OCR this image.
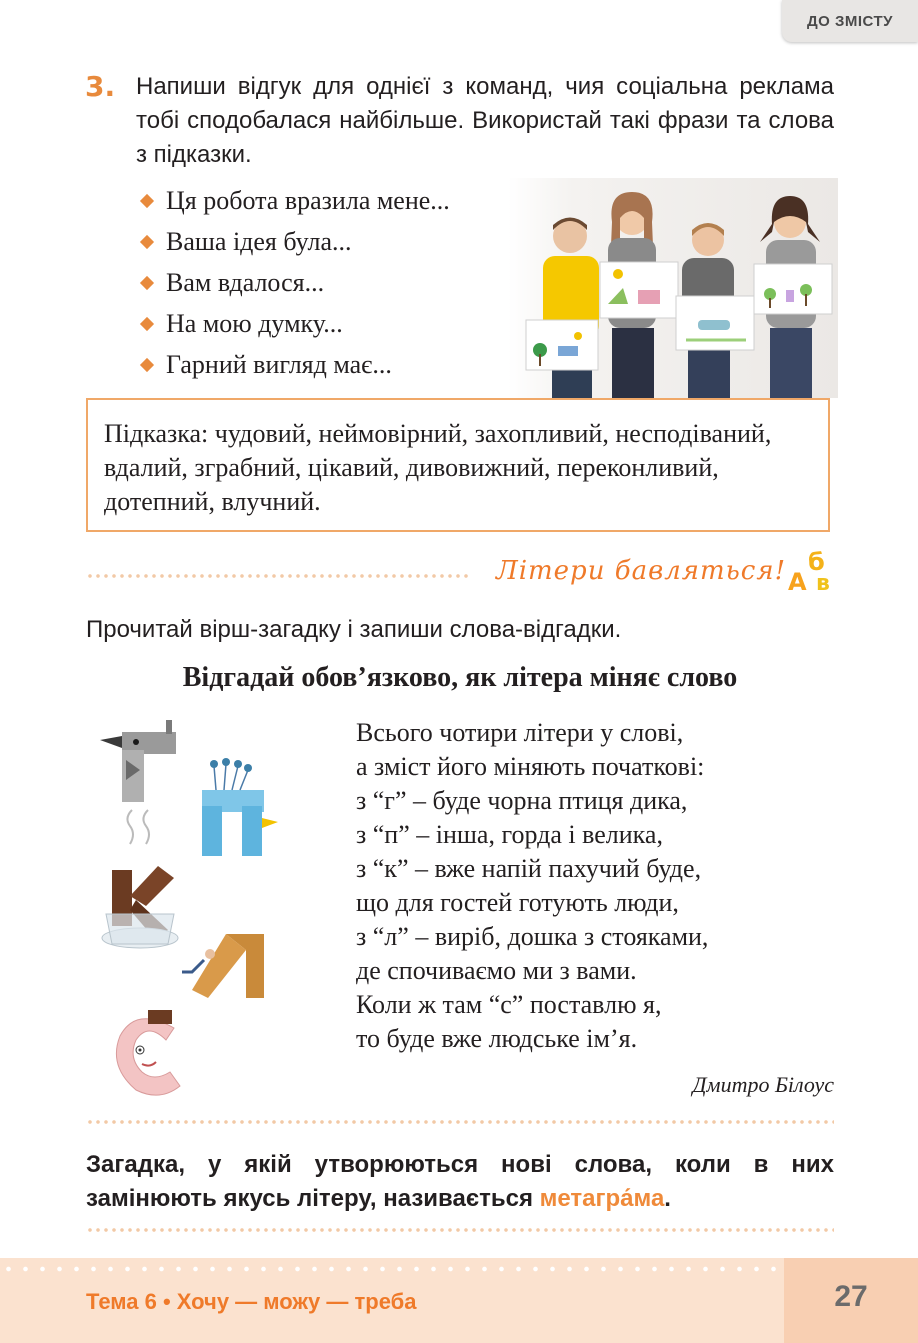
ДО ЗМІСТУ
3. Напиши відгук для однієї з команд, чия соціальна реклама тобі сподобалася найбільше. Використай такі фрази та слова з підказки.
Ця робота вразила мене...
Ваша ідея була...
Вам вдалося...
На мою думку...
Гарний вигляд має...
Підказка: чудовий, неймовірний, захопливий, несподіваний, вдалий, зграбний, цікавий, дивовижний, переконливий, дотепний, влучний.
Літери бавляться! б
А в
Прочитай вірш-загадку і запиши слова-відгадки.
Відгадай обов’язково, як літера міняє слово
Всього чотири літери у слові,
а зміст його міняють початкові:
з “г” – буде чорна птиця дика,
з “п” – інша, горда і велика,
з “к” – вже напій пахучий буде,
що для гостей готують люди,
з “л” – виріб, дошка з стояками,
де спочиваємо ми з вами.
Коли ж там “с” поставлю я,
то буде вже людське ім’я.
Дмитро Білоус
Загадка, у якій утворюються нові слова, коли в них замінюють якусь літеру, називається метагра́ма.
Тема 6 • Хочу — можу — треба	27
